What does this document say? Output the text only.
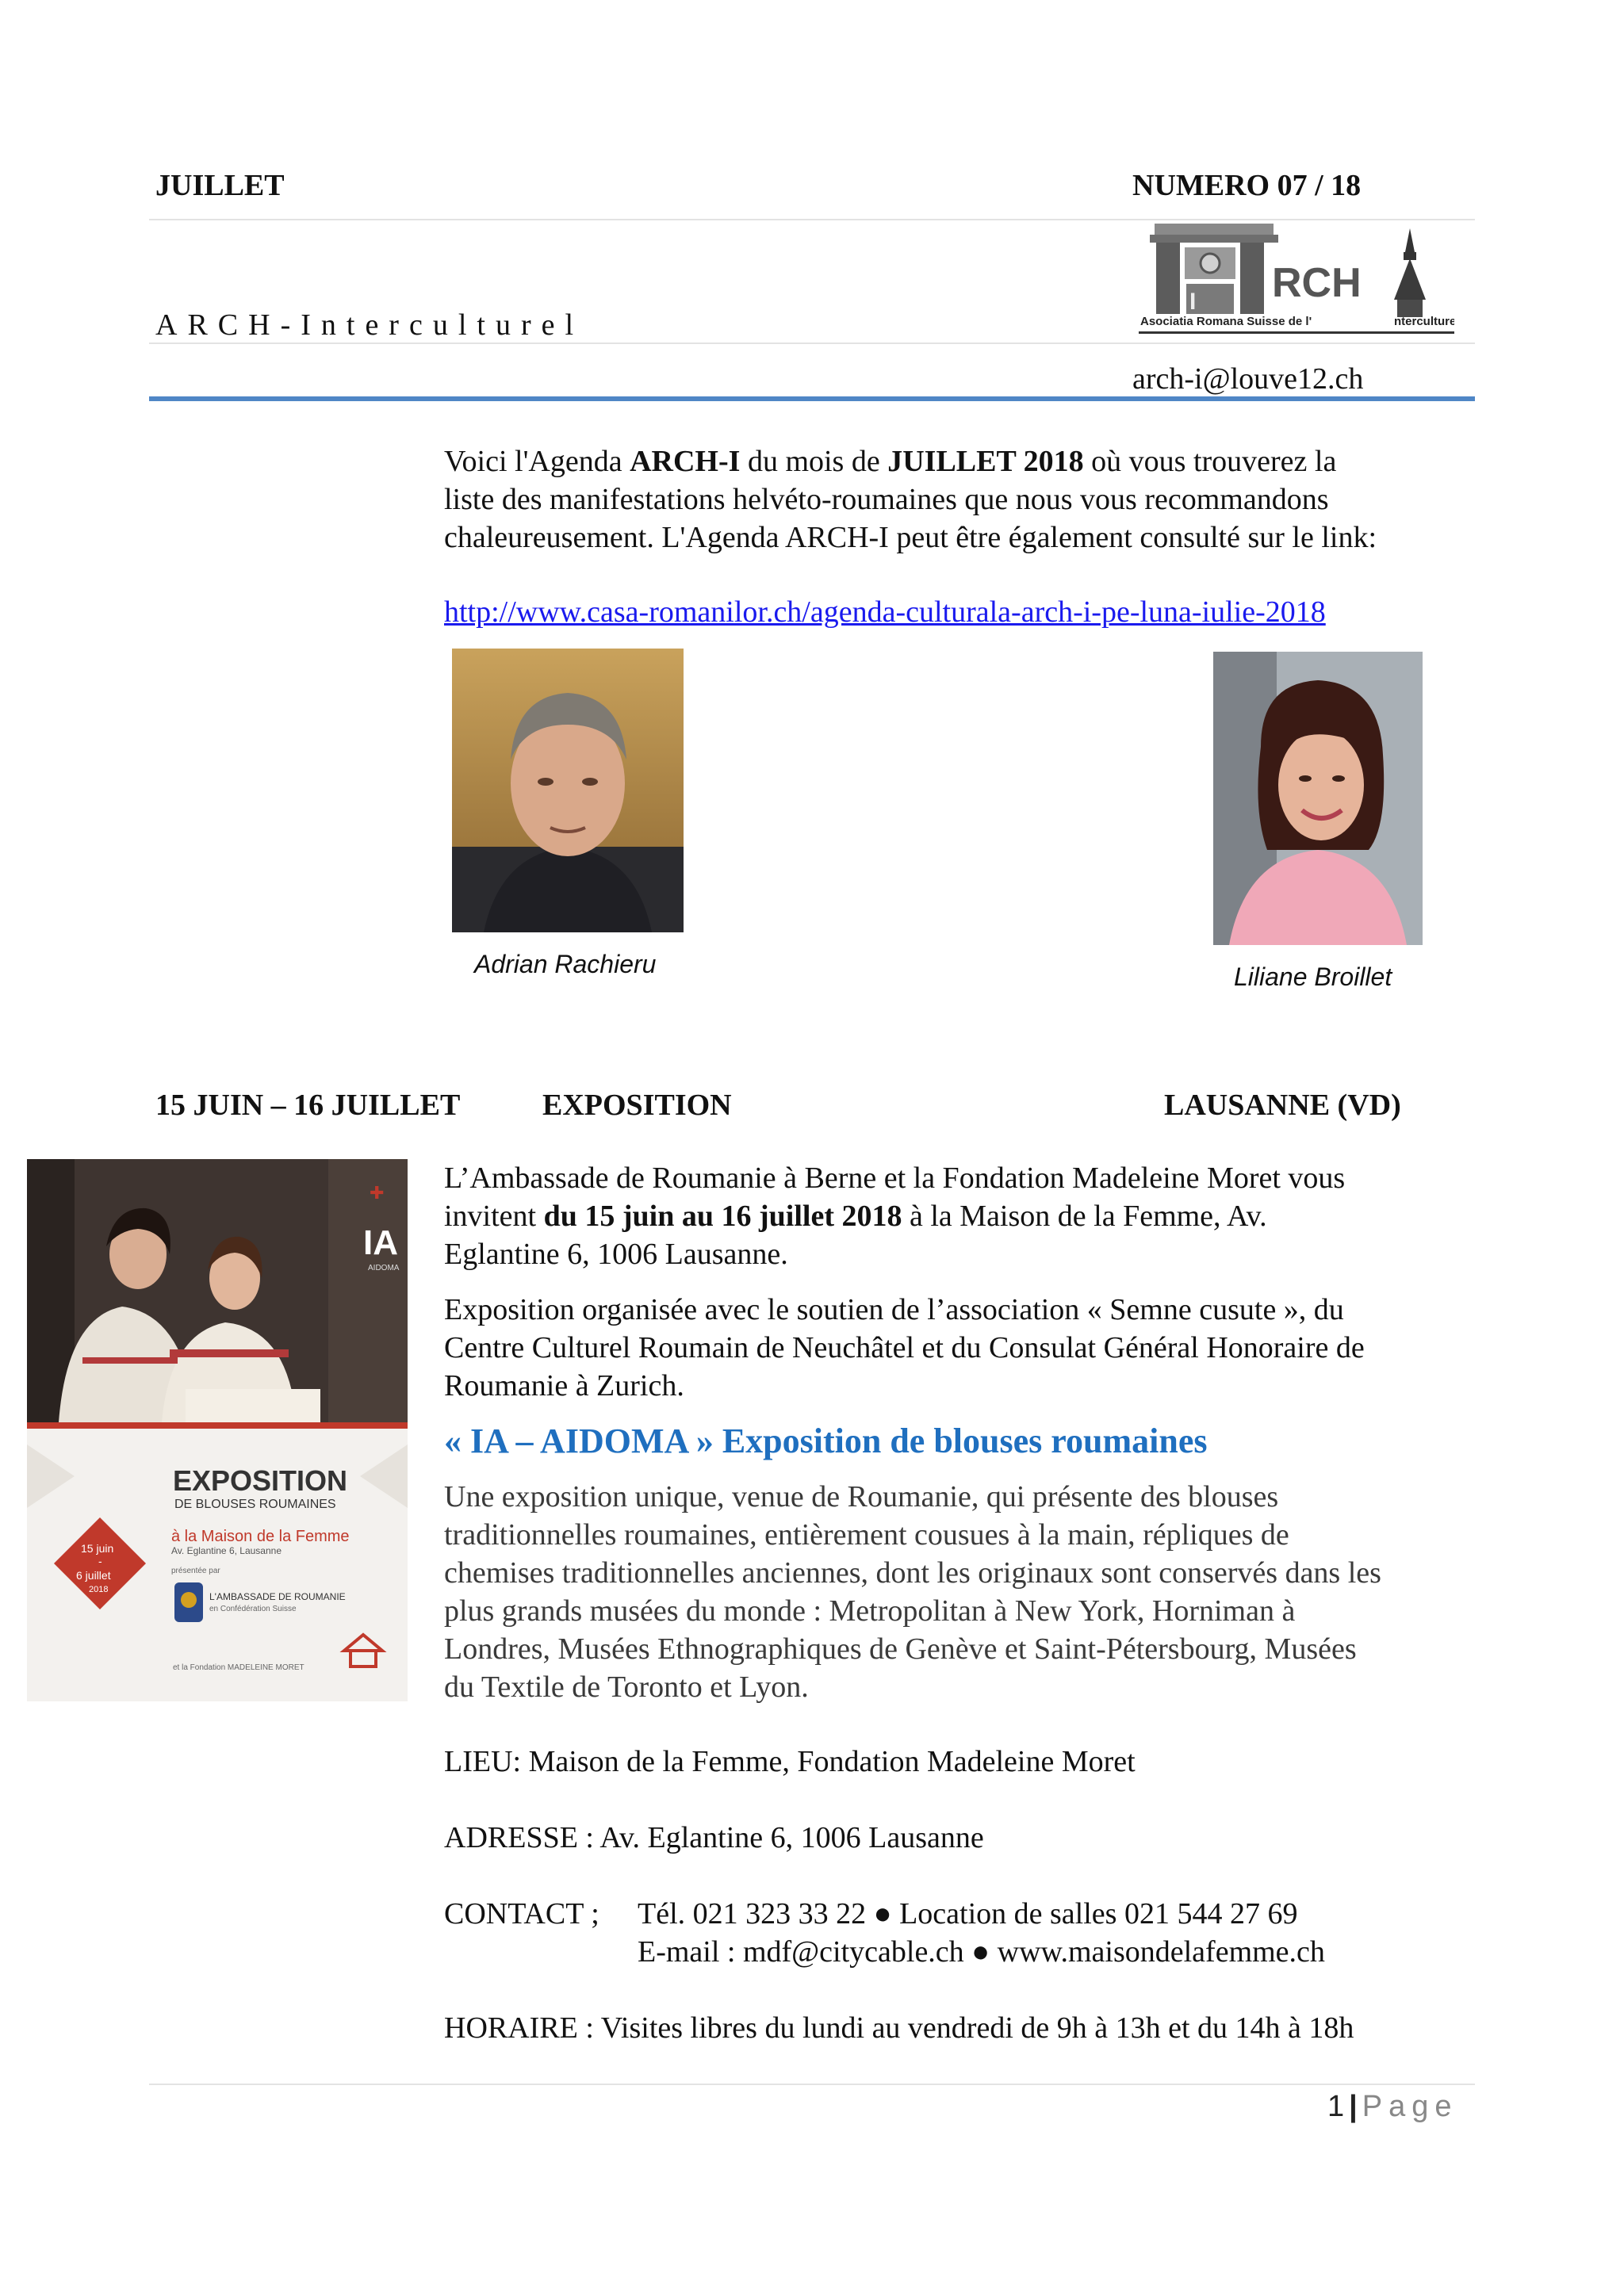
JUILLET	NUMERO 07 / 18
I RCH
Asociatia Romana Suisse de l'	nterculturel
ARCH-Interculturel
arch-i@louve12.ch
Voici l'Agenda ARCH-I du mois de JUILLET 2018 où vous trouverez la
liste des manifestations helvéto-roumaines que nous vous recommandons
chaleureusement. L'Agenda ARCH-I peut être également consulté sur le link:
http://www.casa-romanilor.ch/agenda-culturala-arch-i-pe-luna-iulie-2018
Adrian Rachieru	Liliane Broillet
15 JUIN – 16 JUILLET	EXPOSITION	LAUSANNE (VD)
✚
IA
AIDOMA
EXPOSITION
DE BLOUSES ROUMAINES
15 juin
-
6 juillet
2018
à la Maison de la Femme
Av. Eglantine 6, Lausanne
présentée par
L'AMBASSADE DE ROUMANIE
en Confédération Suisse
et la Fondation MADELEINE MORET
L’Ambassade de Roumanie à Berne et la Fondation Madeleine Moret vous
invitent du 15 juin au 16 juillet 2018 à la Maison de la Femme, Av.
Eglantine 6, 1006 Lausanne.
Exposition organisée avec le soutien de l’association « Semne cusute », du
Centre Culturel Roumain de Neuchâtel et du Consulat Général Honoraire de
Roumanie à Zurich.
« IA – AIDOMA » Exposition de blouses roumaines
Une exposition unique, venue de Roumanie, qui présente des blouses
traditionnelles roumaines, entièrement cousues à la main, répliques de
chemises traditionnelles anciennes, dont les originaux sont conservés dans les
plus grands musées du monde : Metropolitan à New York, Horniman à
Londres, Musées Ethnographiques de Genève et Saint-Pétersbourg, Musées
du Textile de Toronto et Lyon.
LIEU: Maison de la Femme, Fondation Madeleine Moret
ADRESSE : Av. Eglantine 6, 1006 Lausanne
CONTACT ; Tél. 021 323 33 22 ● Location de salles 021 544 27 69
E-mail : mdf@citycable.ch ● www.maisondelafemme.ch
HORAIRE : Visites libres du lundi au vendredi de 9h à 13h et du 14h à 18h
1 | Page
